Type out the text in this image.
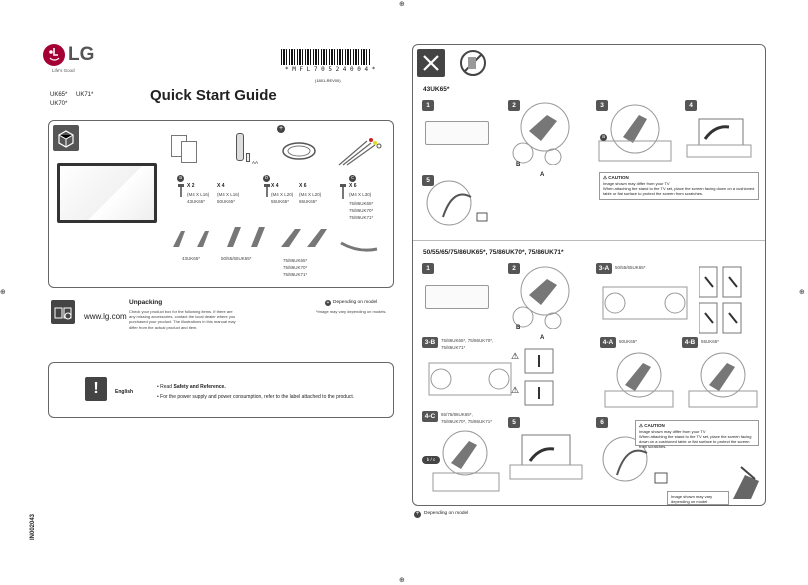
⊕
⊕
⊕	⊕
LG
Life's Good	* M F L 7 0 5 2 4 0 0 4 *
(1801-REV00)
UK65* UK71*
UK70*	Quick Start Guide
AA
+
a
X 2
(M4 X L16)
43UK65*
X 4
(M4 X L16)
50UK65*
b
X 4
(M4 X L20)
55UK65*
X 6
(M4 X L20)
65UK65*
c
X 6
(M4 X L30)
75/86UK65*
75/86UK70*
75/86UK71*
43UK65*	50/55/65UK65*	75/86UK65*
75/86UK70*
75/86UK71*
www.lg.com
Unpacking
Check your product box for the following items. If there are any missing accessories, contact the local dealer where you purchased your product. The illustrations in this manual may differ from the actual product and item.
+ Depending on model
*Image may vary depending on models.
!	English
• Read Safety and Reference.
• For the power supply and power consumption, refer to the label attached to the product.
IN002043
43UK65*
1	2
B
A
3
a
4
5	⚠ CAUTION
Image shown may differ from your TV
When attaching the stand to the TV set, place the screen facing down on a cushioned table or flat surface to protect the screen from scratches.
50/55/65/75/86UK65*, 75/86UK70*, 75/86UK71*
1	2
B
A
3-A	50/55/65UK65*
3-B	75/86UK65*, 75/86UK70*,
75/86UK71*
⚠
⚠
4-A	50UK65*	4-B	55UK65*
4-C	65/75/86UK65*,
75/86UK70*, 75/86UK71*
b / c
5	6	⚠ CAUTION
Image shown may differ from your TV
When attaching the stand to the TV set, place the screen facing down on a cushioned table or flat surface to protect the screen from scratches.
Image shown may vary depending on model
+ Depending on model
